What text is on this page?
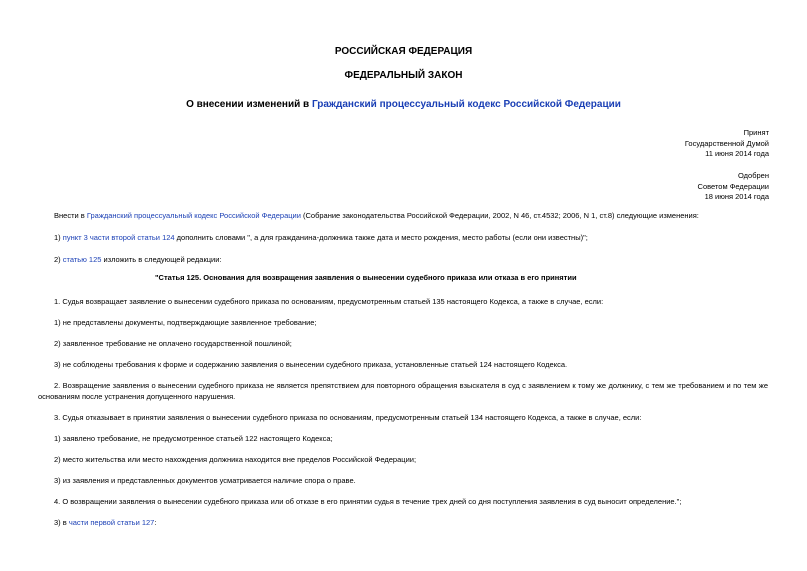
РОССИЙСКАЯ ФЕДЕРАЦИЯ
ФЕДЕРАЛЬНЫЙ ЗАКОН
О внесении изменений в Гражданский процессуальный кодекс Российской Федерации
Принят
Государственной Думой
11 июня 2014 года
Одобрен
Советом Федерации
18 июня 2014 года
Внести в Гражданский процессуальный кодекс Российской Федерации (Собрание законодательства Российской Федерации, 2002, N 46, ст.4532; 2006, N 1, ст.8) следующие изменения:
1) пункт 3 части второй статьи 124 дополнить словами ", а для гражданина-должника также дата и место рождения, место работы (если они известны)";
2) статью 125 изложить в следующей редакции:
"Статья 125. Основания для возвращения заявления о вынесении судебного приказа или отказа в его принятии
1. Судья возвращает заявление о вынесении судебного приказа по основаниям, предусмотренным статьей 135 настоящего Кодекса, а также в случае, если:
1) не представлены документы, подтверждающие заявленное требование;
2) заявленное требование не оплачено государственной пошлиной;
3) не соблюдены требования к форме и содержанию заявления о вынесении судебного приказа, установленные статьей 124 настоящего Кодекса.
2. Возвращение заявления о вынесении судебного приказа не является препятствием для повторного обращения взыскателя в суд с заявлением к тому же должнику, с тем же требованием и по тем же основаниям после устранения допущенного нарушения.
3. Судья отказывает в принятии заявления о вынесении судебного приказа по основаниям, предусмотренным статьей 134 настоящего Кодекса, а также в случае, если:
1) заявлено требование, не предусмотренное статьей 122 настоящего Кодекса;
2) место жительства или место нахождения должника находится вне пределов Российской Федерации;
3) из заявления и представленных документов усматривается наличие спора о праве.
4. О возвращении заявления о вынесении судебного приказа или об отказе в его принятии судья в течение трех дней со дня поступления заявления в суд выносит определение.";
3) в части первой статьи 127:
